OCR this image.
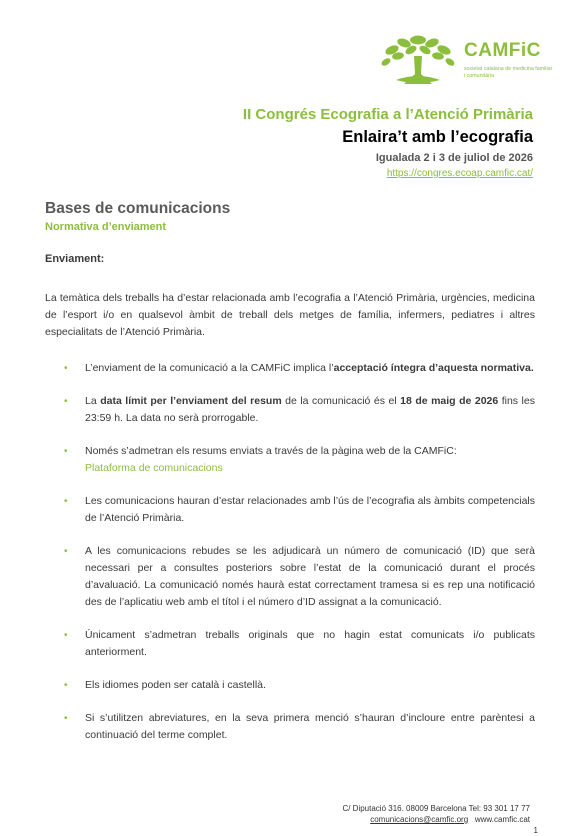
CAMFiC
societat catalana de medicina familiar i comunitària
II Congrés Ecografia a l’Atenció Primària
Enlaira’t amb l’ecografia
Igualada 2 i 3 de juliol de 2026
https://congres.ecoap.camfic.cat/
Bases de comunicacions
Normativa d’enviament
Enviament:
La temàtica dels treballs ha d’estar relacionada amb l’ecografia a l’Atenció Primària, urgències, medicina de l’esport i/o en qualsevol àmbit de treball dels metges de família, infermers, pediatres i altres especialitats de l’Atenció Primària.
• L’enviament de la comunicació a la CAMFiC implica l’acceptació íntegra d’aquesta normativa.
• La data límit per l’enviament del resum de la comunicació és el 18 de maig de 2026 fins les 23:59 h. La data no serà prorrogable.
• Només s’admetran els resums enviats a través de la pàgina web de la CAMFiC:
Plataforma de comunicacions
• Les comunicacions hauran d’estar relacionades amb l’ús de l’ecografia als àmbits competencials de l’Atenció Primària.
• A les comunicacions rebudes se les adjudicarà un número de comunicació (ID) que serà necessari per a consultes posteriors sobre l’estat de la comunicació durant el procés d’avaluació. La comunicació només haurà estat correctament tramesa si es rep una notificació des de l’aplicatiu web amb el títol i el número d’ID assignat a la comunicació.
• Únicament s’admetran treballs originals que no hagin estat comunicats i/o publicats anteriorment.
• Els idiomes poden ser català i castellà.
• Si s’utilitzen abreviatures, en la seva primera menció s’hauran d’incloure entre parèntesi a continuació del terme complet.
C/ Diputació 316. 08009 Barcelona Tel: 93 301 17 77
comunicacions@camfic.org www.camfic.cat
1
